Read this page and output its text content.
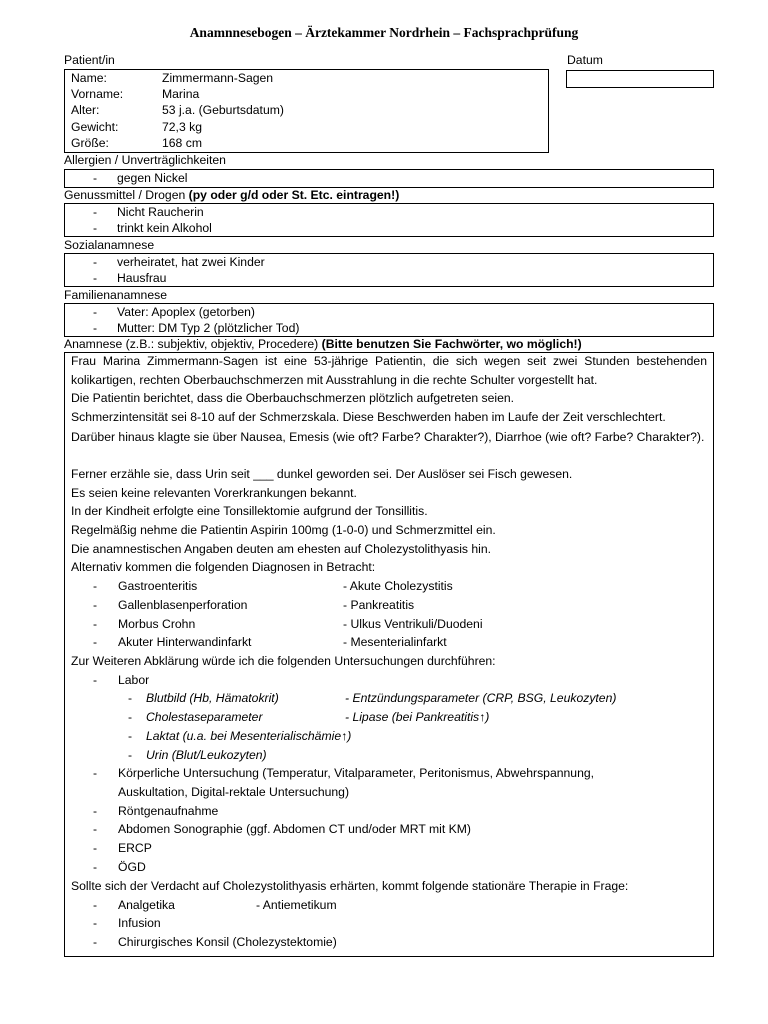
Anamnnesebogen – Ärztekammer Nordrhein – Fachsprachprüfung
Patient/in	Datum
Name:	Zimmermann-Sagen
Vorname:	Marina
Alter:	53 j.a. (Geburtsdatum)
Gewicht:	72,3 kg
Größe:	168 cm
Allergien / Unverträglichkeiten
- gegen Nickel
Genussmittel / Drogen (py oder g/d oder St. Etc. eintragen!)
- Nicht Raucherin
- trinkt kein Alkohol
Sozialanamnese
- verheiratet, hat zwei Kinder
- Hausfrau
Familienanamnese
- Vater: Apoplex (getorben)
- Mutter: DM Typ 2 (plötzlicher Tod)
Anamnese (z.B.: subjektiv, objektiv, Procedere) (Bitte benutzen Sie Fachwörter, wo möglich!)
Frau Marina Zimmermann-Sagen ist eine 53-jährige Patientin, die sich wegen seit zwei Stunden bestehenden kolikartigen, rechten Oberbauchschmerzen mit Ausstrahlung in die rechte Schulter vorgestellt hat.
Die Patientin berichtet, dass die Oberbauchschmerzen plötzlich aufgetreten seien.
Schmerzintensität sei 8-10 auf der Schmerzskala. Diese Beschwerden haben im Laufe der Zeit verschlechtert.
Darüber hinaus klagte sie über Nausea, Emesis (wie oft? Farbe? Charakter?), Diarrhoe (wie oft? Farbe? Charakter?).
Ferner erzähle sie, dass Urin seit ___ dunkel geworden sei. Der Auslöser sei Fisch gewesen.
Es seien keine relevanten Vorerkrankungen bekannt.
In der Kindheit erfolgte eine Tonsillektomie aufgrund der Tonsillitis.
Regelmäßig nehme die Patientin Aspirin 100mg (1-0-0) und Schmerzmittel ein.
Die anamnestischen Angaben deuten am ehesten auf Cholezystolithyasis hin.
Alternativ kommen die folgenden Diagnosen in Betracht:
- Gastroenteritis	- Akute Cholezystitis
- Gallenblasenperforation	- Pankreatitis
- Morbus Crohn	- Ulkus Ventrikuli/Duodeni
- Akuter Hinterwandinfarkt	- Mesenterialinfarkt
Zur Weiteren Abklärung würde ich die folgenden Untersuchungen durchführen:
- Labor
- Blutbild (Hb, Hämatokrit)	- Entzündungsparameter (CRP, BSG, Leukozyten)
- Cholestaseparameter	- Lipase (bei Pankreatitis↑)
- Laktat (u.a. bei Mesenterialischämie↑)
- Urin (Blut/Leukozyten)
- Körperliche Untersuchung (Temperatur, Vitalparameter, Peritonismus, Abwehrspannung,
Auskultation, Digital-rektale Untersuchung)
- Röntgenaufnahme
- Abdomen Sonographie (ggf. Abdomen CT und/oder MRT mit KM)
- ERCP
- ÖGD
Sollte sich der Verdacht auf Cholezystolithyasis erhärten, kommt folgende stationäre Therapie in Frage:
- Analgetika	- Antiemetikum
- Infusion
- Chirurgisches Konsil (Cholezystektomie)
